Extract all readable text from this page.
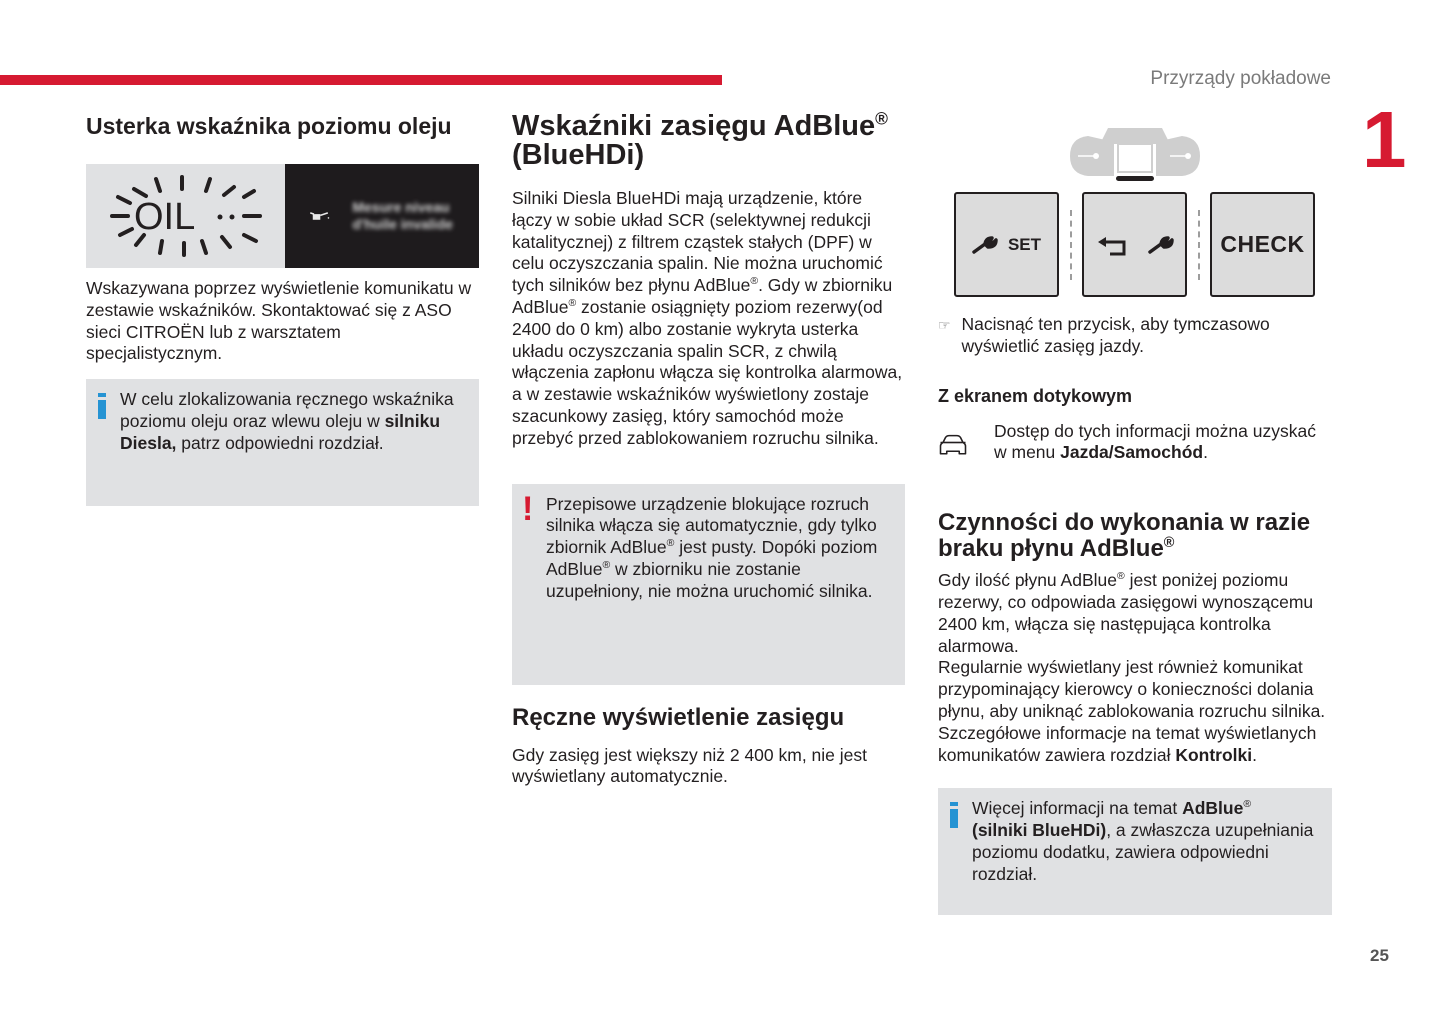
Przyrządy pokładowe
1
Usterka wskaźnika poziomu oleju
OIL	Mesure niveau d'huile invalide

Wskazywana poprzez wyświetlenie komunikatu w zestawie wskaźników. Skontaktować się z ASO sieci CITROËN lub z warsztatem specjalistycznym.

W celu zlokalizowania ręcznego wskaźnika poziomu oleju oraz wlewu oleju w silniku Diesla, patrz odpowiedni rozdział.

Wskaźniki zasięgu AdBlue®
(BlueHDi)

Silniki Diesla BlueHDi mają urządzenie, które łączy w sobie układ SCR (selektywnej redukcji katalitycznej) z filtrem cząstek stałych (DPF) w celu oczyszczania spalin. Nie można uruchomić tych silników bez płynu AdBlue®. Gdy w zbiorniku AdBlue® zostanie osiągnięty poziom rezerwy(od 2400 do 0 km) albo zostanie wykryta usterka układu oczyszczania spalin SCR, z chwilą włączenia zapłonu włącza się kontrolka alarmowa, a w zestawie wskaźników wyświetlony zostaje szacunkowy zasięg, który samochód może przebyć przed zablokowaniem rozruchu silnika.

! Przepisowe urządzenie blokujące rozruch silnika włącza się automatycznie, gdy tylko zbiornik AdBlue® jest pusty. Dopóki poziom AdBlue® w zbiorniku nie zostanie uzupełniony, nie można uruchomić silnika.

Ręczne wyświetlenie zasięgu

Gdy zasięg jest większy niż 2 400 km, nie jest wyświetlany automatycznie.

SET	CHECK
☞ Nacisnąć ten przycisk, aby tymczasowo wyświetlić zasięg jazdy.

Z ekranem dotykowym

Dostęp do tych informacji można uzyskać w menu Jazda/Samochód.

Czynności do wykonania w razie
braku płynu AdBlue®

Gdy ilość płynu AdBlue® jest poniżej poziomu rezerwy, co odpowiada zasięgowi wynoszącemu 2400 km, włącza się następująca kontrolka alarmowa.
Regularnie wyświetlany jest również komunikat przypominający kierowcy o konieczności dolania płynu, aby uniknąć zablokowania rozruchu silnika. Szczegółowe informacje na temat wyświetlanych komunikatów zawiera rozdział Kontrolki.

Więcej informacji na temat AdBlue®
(silniki BlueHDi), a zwłaszcza uzupełniania poziomu dodatku, zawiera odpowiedni rozdział.

25
